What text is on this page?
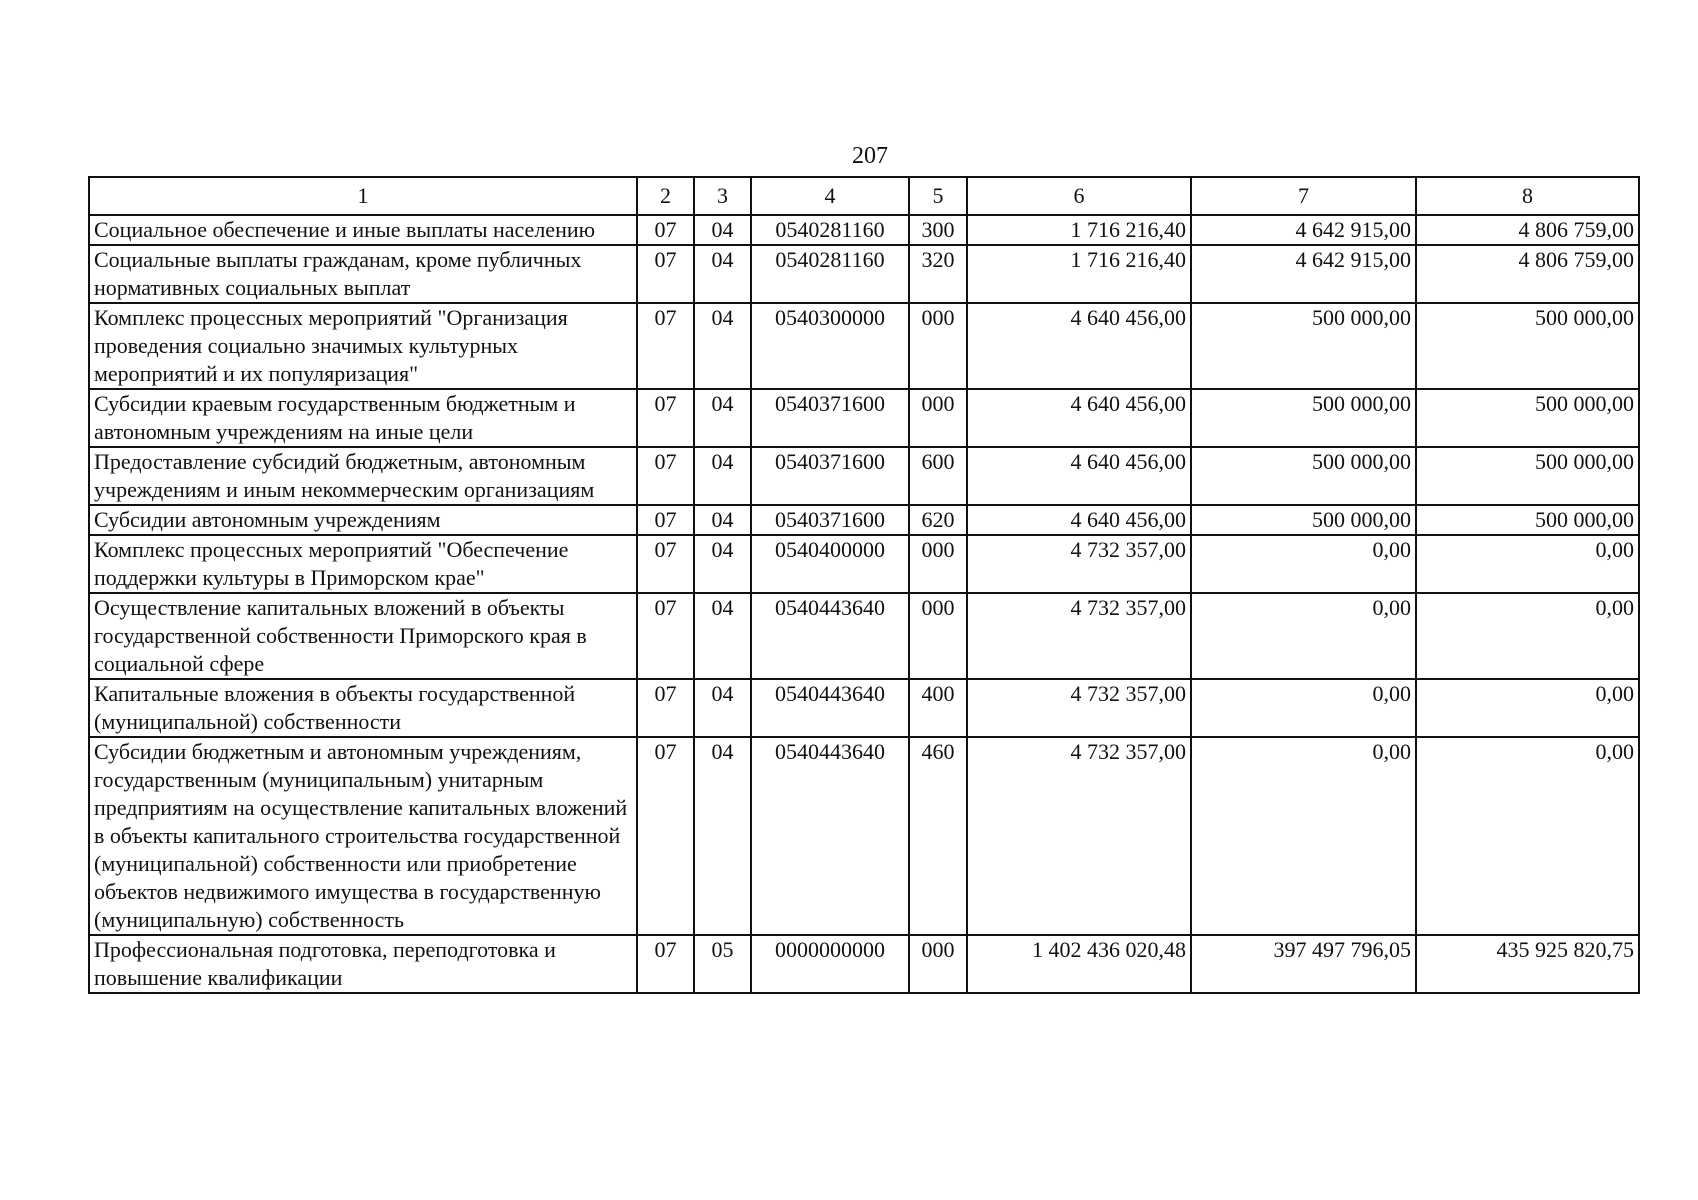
207
1	2	3	4	5	6	7	8
Социальное обеспечение и иные выплаты населению	07	04	0540281160	300	1 716 216,40	4 642 915,00	4 806 759,00
Социальные выплаты гражданам, кроме публичных нормативных социальных выплат	07	04	0540281160	320	1 716 216,40	4 642 915,00	4 806 759,00
Комплекс процессных мероприятий "Организация проведения социально значимых культурных мероприятий и их популяризация"	07	04	0540300000	000	4 640 456,00	500 000,00	500 000,00
Субсидии краевым государственным бюджетным и автономным учреждениям на иные цели	07	04	0540371600	000	4 640 456,00	500 000,00	500 000,00
Предоставление субсидий бюджетным, автономным учреждениям и иным некоммерческим организациям	07	04	0540371600	600	4 640 456,00	500 000,00	500 000,00
Субсидии автономным учреждениям	07	04	0540371600	620	4 640 456,00	500 000,00	500 000,00
Комплекс процессных мероприятий "Обеспечение поддержки культуры в Приморском крае"	07	04	0540400000	000	4 732 357,00	0,00	0,00
Осуществление капитальных вложений в объекты государственной собственности Приморского края в социальной сфере	07	04	0540443640	000	4 732 357,00	0,00	0,00
Капитальные вложения в объекты государственной (муниципальной) собственности	07	04	0540443640	400	4 732 357,00	0,00	0,00
Субсидии бюджетным и автономным учреждениям, государственным (муниципальным) унитарным предприятиям на осуществление капитальных вложений в объекты капитального строительства государственной (муниципальной) собственности или приобретение объектов недвижимого имущества в государственную (муниципальную) собственность	07	04	0540443640	460	4 732 357,00	0,00	0,00
Профессиональная подготовка, переподготовка и повышение квалификации	07	05	0000000000	000	1 402 436 020,48	397 497 796,05	435 925 820,75
